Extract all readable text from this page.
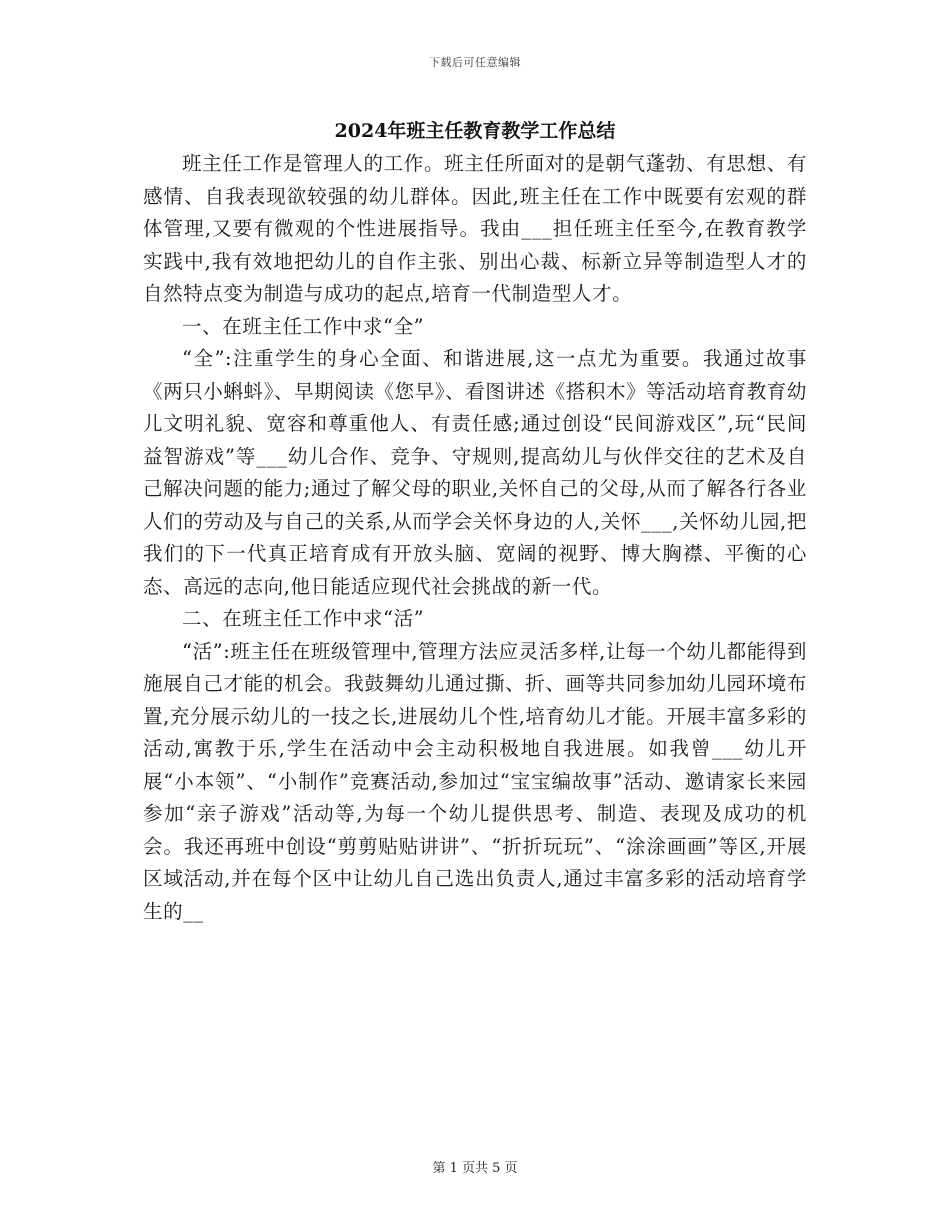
下载后可任意编辑
2024年班主任教育教学工作总结

班主任工作是管理人的工作。班主任所面对的是朝气蓬勃、有思想、有感情、自我表现欲较强的幼儿群体。因此,班主任在工作中既要有宏观的群体管理,又要有微观的个性进展指导。我由___担任班主任至今,在教育教学实践中,我有效地把幼儿的自作主张、别出心裁、标新立异等制造型人才的自然特点变为制造与成功的起点,培育一代制造型人才。

一、在班主任工作中求“全”

“全”:注重学生的身心全面、和谐进展,这一点尤为重要。我通过故事《两只小蝌蚪》、早期阅读《您早》、看图讲述《搭积木》等活动培育教育幼儿文明礼貌、宽容和尊重他人、有责任感;通过创设“民间游戏区”,玩“民间益智游戏”等___幼儿合作、竞争、守规则,提高幼儿与伙伴交往的艺术及自己解决问题的能力;通过了解父母的职业,关怀自己的父母,从而了解各行各业人们的劳动及与自己的关系,从而学会关怀身边的人,关怀___,关怀幼儿园,把我们的下一代真正培育成有开放头脑、宽阔的视野、博大胸襟、平衡的心态、高远的志向,他日能适应现代社会挑战的新一代。

二、在班主任工作中求“活”

“活”:班主任在班级管理中,管理方法应灵活多样,让每一个幼儿都能得到施展自己才能的机会。我鼓舞幼儿通过撕、折、画等共同参加幼儿园环境布置,充分展示幼儿的一技之长,进展幼儿个性,培育幼儿才能。开展丰富多彩的活动,寓教于乐,学生在活动中会主动积极地自我进展。如我曾___幼儿开展“小本领”、“小制作”竞赛活动,参加过“宝宝编故事”活动、邀请家长来园参加“亲子游戏”活动等,为每一个幼儿提供思考、制造、表现及成功的机会。我还再班中创设“剪剪贴贴讲讲”、“折折玩玩”、“涂涂画画”等区,开展区域活动,并在每个区中让幼儿自己选出负责人,通过丰富多彩的活动培育学生的__

第 1 页共 5 页
